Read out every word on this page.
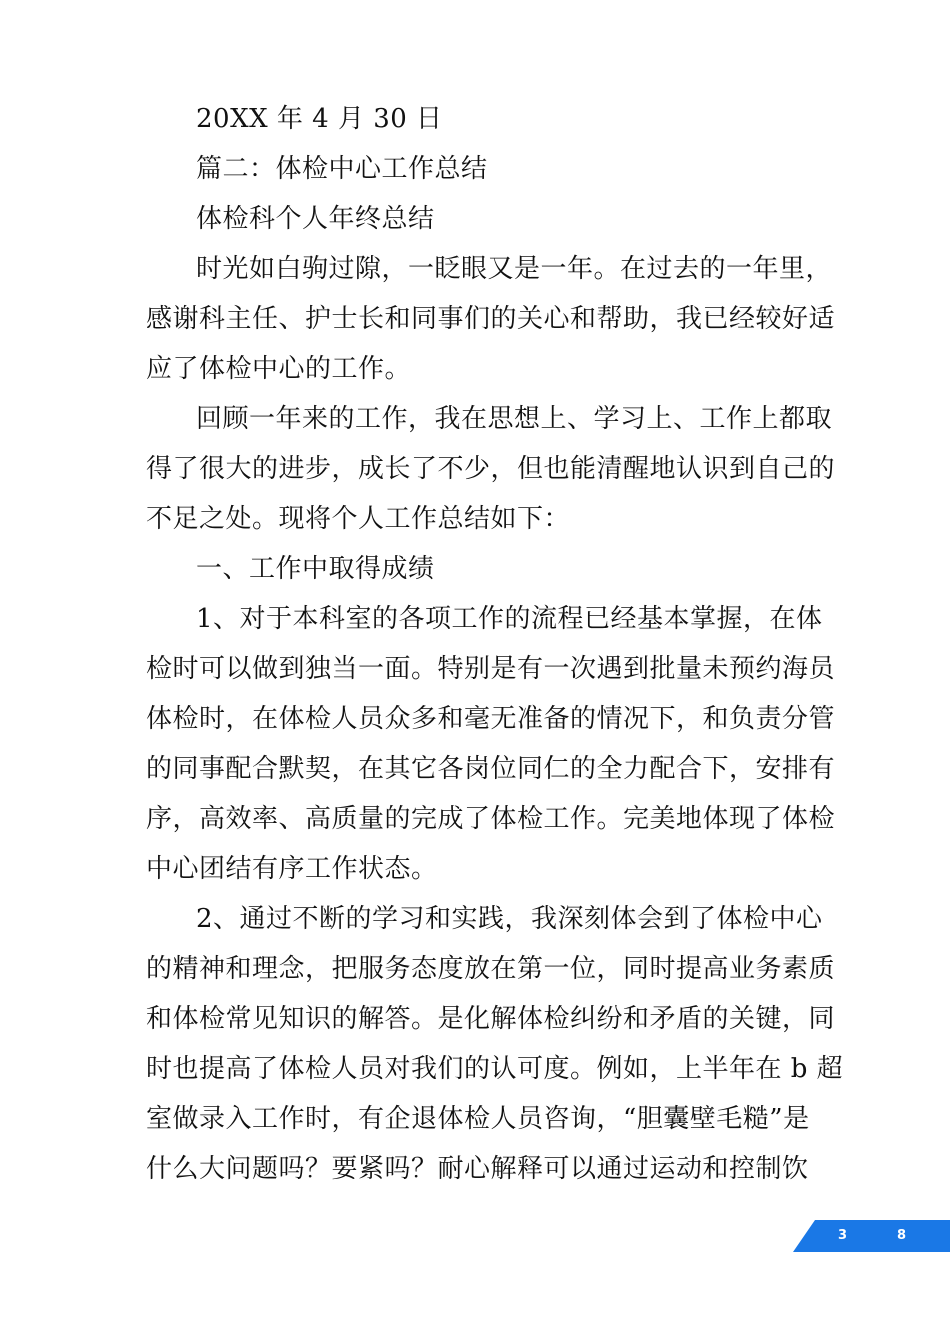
20XX 年 4 月 30 日
篇二：体检中心工作总结
体检科个人年终总结
时光如白驹过隙，一眨眼又是一年。在过去的一年里，
感谢科主任、护士长和同事们的关心和帮助，我已经较好适
应了体检中心的工作。
回顾一年来的工作，我在思想上、学习上、工作上都取
得了很大的进步，成长了不少，但也能清醒地认识到自己的
不足之处。现将个人工作总结如下：
一、工作中取得成绩
1、对于本科室的各项工作的流程已经基本掌握，在体
检时可以做到独当一面。特别是有一次遇到批量未预约海员
体检时，在体检人员众多和毫无准备的情况下，和负责分管
的同事配合默契，在其它各岗位同仁的全力配合下，安排有
序，高效率、高质量的完成了体检工作。完美地体现了体检
中心团结有序工作状态。
2、通过不断的学习和实践，我深刻体会到了体检中心
的精神和理念，把服务态度放在第一位，同时提高业务素质
和体检常见知识的解答。是化解体检纠纷和矛盾的关键，同
时也提高了体检人员对我们的认可度。例如，上半年在 b 超
室做录入工作时，有企退体检人员咨询，“胆囊壁毛糙”是
什么大问题吗？要紧吗？耐心解释可以通过运动和控制饮
3	8
